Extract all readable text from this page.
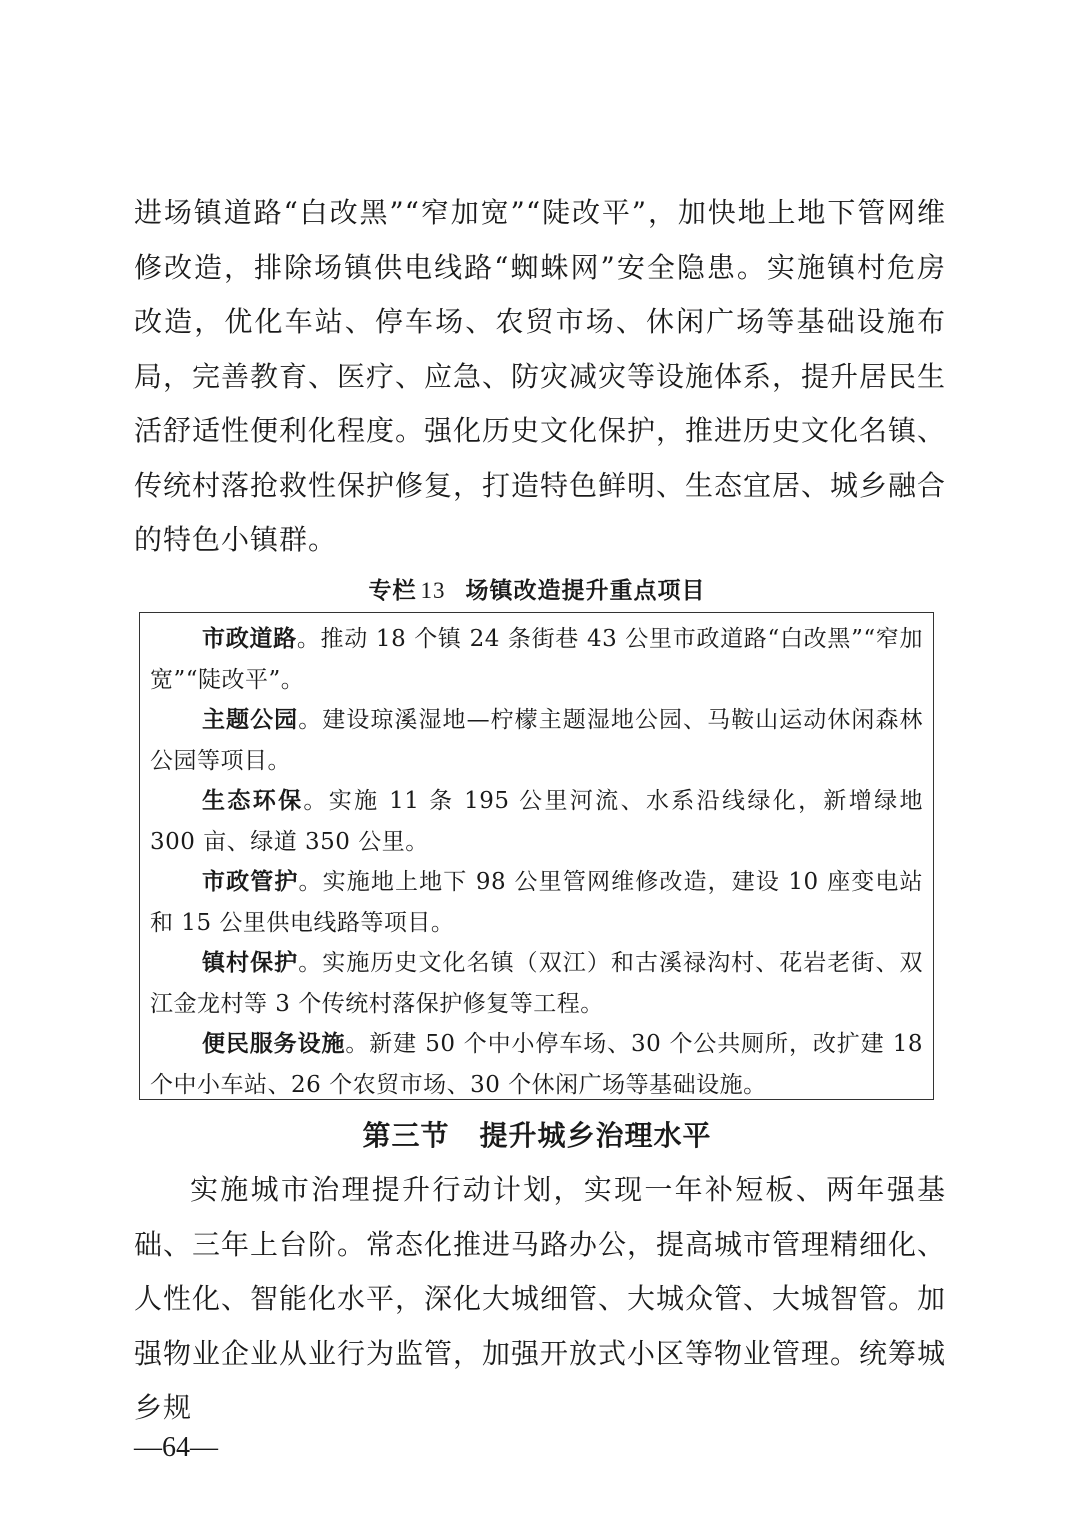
进场镇道路“白改黑”“窄加宽”“陡改平”，加快地上地下管网维修改造，排除场镇供电线路“蜘蛛网”安全隐患。实施镇村危房改造，优化车站、停车场、农贸市场、休闲广场等基础设施布局，完善教育、医疗、应急、防灾减灾等设施体系，提升居民生活舒适性便利化程度。强化历史文化保护，推进历史文化名镇、传统村落抢救性保护修复，打造特色鲜明、生态宜居、城乡融合的特色小镇群。

专栏 13 场镇改造提升重点项目

市政道路。推动 18 个镇 24 条街巷 43 公里市政道路“白改黑”“窄加宽”“陡改平”。

主题公园。建设琼溪湿地—柠檬主题湿地公园、马鞍山运动休闲森林公园等项目。

生态环保。实施 11 条 195 公里河流、水系沿线绿化，新增绿地 300 亩、绿道 350 公里。

市政管护。实施地上地下 98 公里管网维修改造，建设 10 座变电站和 15 公里供电线路等项目。

镇村保护。实施历史文化名镇（双江）和古溪禄沟村、花岩老街、双江金龙村等 3 个传统村落保护修复等工程。

便民服务设施。新建 50 个中小停车场、30 个公共厕所，改扩建 18 个中小车站、26 个农贸市场、30 个休闲广场等基础设施。

第三节 提升城乡治理水平

实施城市治理提升行动计划，实现一年补短板、两年强基础、三年上台阶。常态化推进马路办公，提高城市管理精细化、人性化、智能化水平，深化大城细管、大城众管、大城智管。加强物业企业从业行为监管，加强开放式小区等物业管理。统筹城乡规

—64—
